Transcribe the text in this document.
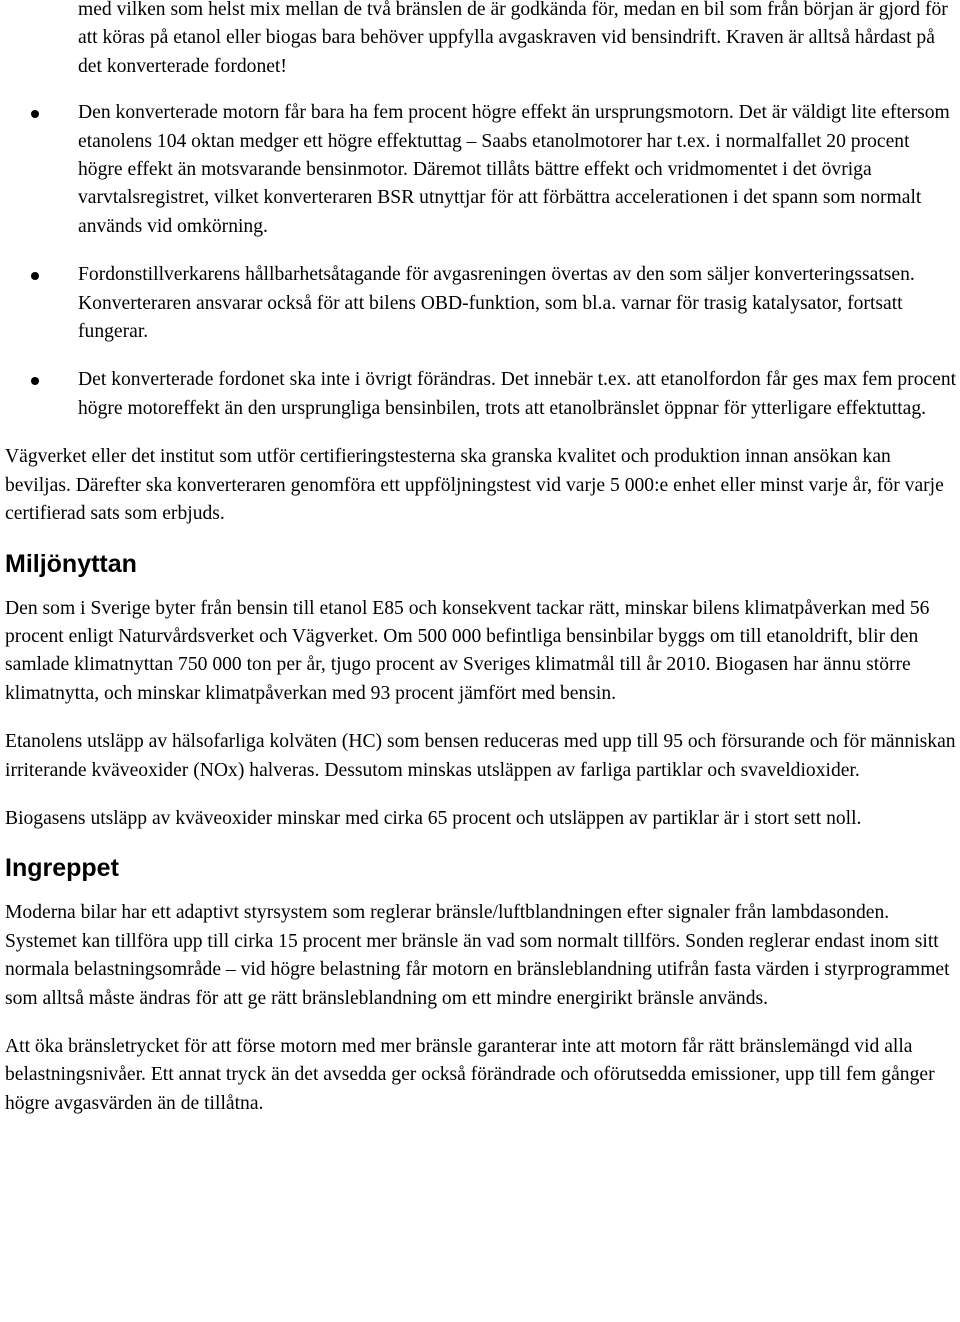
med vilken som helst mix mellan de två bränslen de är godkända för, medan en bil som från början är gjord för att köras på etanol eller biogas bara behöver uppfylla avgaskraven vid bensindrift. Kraven är alltså hårdast på det konverterade fordonet!

Den konverterade motorn får bara ha fem procent högre effekt än ursprungsmotorn. Det är väldigt lite eftersom etanolens 104 oktan medger ett högre effektuttag – Saabs etanolmotorer har t.ex. i normalfallet 20 procent högre effekt än motsvarande bensinmotor. Däremot tillåts bättre effekt och vridmomentet i det övriga varvtalsregistret, vilket konverteraren BSR utnyttjar för att förbättra accelerationen i det spann som normalt används vid omkörning.
Fordonstillverkarens hållbarhetsåtagande för avgasreningen övertas av den som säljer konverteringssatsen. Konverteraren ansvarar också för att bilens OBD-funktion, som bl.a. varnar för trasig katalysator, fortsatt fungerar.
Det konverterade fordonet ska inte i övrigt förändras. Det innebär t.ex. att etanolfordon får ges max fem procent högre motoreffekt än den ursprungliga bensinbilen, trots att etanolbränslet öppnar för ytterligare effektuttag.

Vägverket eller det institut som utför certifieringstesterna ska granska kvalitet och produktion innan ansökan kan beviljas. Därefter ska konverteraren genomföra ett uppföljningstest vid varje 5 000:e enhet eller minst varje år, för varje certifierad sats som erbjuds.

Miljönyttan

Den som i Sverige byter från bensin till etanol E85 och konsekvent tackar rätt, minskar bilens klimatpåverkan med 56 procent enligt Naturvårdsverket och Vägverket. Om 500 000 befintliga bensinbilar byggs om till etanoldrift, blir den samlade klimatnyttan 750 000 ton per år, tjugo procent av Sveriges klimatmål till år 2010. Biogasen har ännu större klimatnytta, och minskar klimatpåverkan med 93 procent jämfört med bensin.

Etanolens utsläpp av hälsofarliga kolväten (HC) som bensen reduceras med upp till 95 och försurande och för människan irriterande kväveoxider (NOx) halveras. Dessutom minskas utsläppen av farliga partiklar och svaveldioxider.

Biogasens utsläpp av kväveoxider minskar med cirka 65 procent och utsläppen av partiklar är i stort sett noll.

Ingreppet

Moderna bilar har ett adaptivt styrsystem som reglerar bränsle/luftblandningen efter signaler från lambdasonden. Systemet kan tillföra upp till cirka 15 procent mer bränsle än vad som normalt tillförs. Sonden reglerar endast inom sitt normala belastningsområde – vid högre belastning får motorn en bränsleblandning utifrån fasta värden i styrprogrammet som alltså måste ändras för att ge rätt bränsleblandning om ett mindre energirikt bränsle används.

Att öka bränsletrycket för att förse motorn med mer bränsle garanterar inte att motorn får rätt bränslemängd vid alla belastningsnivåer. Ett annat tryck än det avsedda ger också förändrade och oförutsedda emissioner, upp till fem gånger högre avgasvärden än de tillåtna.
